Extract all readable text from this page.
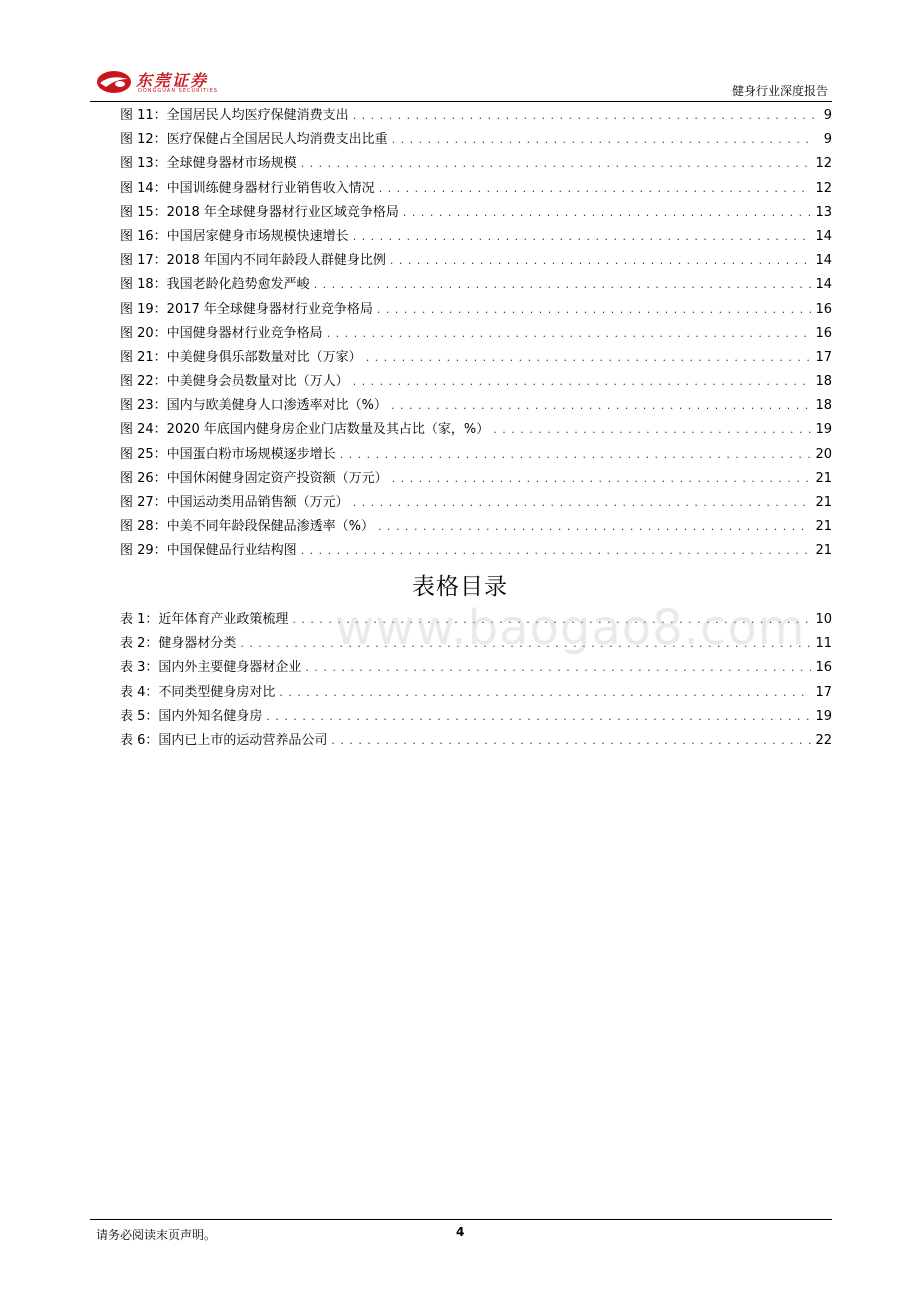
东莞证券
DONGGUAN SECURITIES	健身行业深度报告
图 11：全国居民人均医疗保健消费支出 . . .	9
图 12：医疗保健占全国居民人均消费支出比重 . . .	9
图 13：全球健身器材市场规模 . . .	12
图 14：中国训练健身器材行业销售收入情况 . . .	12
图 15：2018 年全球健身器材行业区域竞争格局 . . .	13
图 16：中国居家健身市场规模快速增长 . . .	14
图 17：2018 年国内不同年龄段人群健身比例 . . .	14
图 18：我国老龄化趋势愈发严峻 . . .	14
图 19：2017 年全球健身器材行业竞争格局 . . .	16
图 20：中国健身器材行业竞争格局 . . .	16
图 21：中美健身俱乐部数量对比（万家） . . .	17
图 22：中美健身会员数量对比（万人） . . .	18
图 23：国内与欧美健身人口渗透率对比（%） . . .	18
图 24：2020 年底国内健身房企业门店数量及其占比（家，%） . . .	19
图 25：中国蛋白粉市场规模逐步增长 . . .	20
图 26：中国休闲健身固定资产投资额（万元） . . .	21
图 27：中国运动类用品销售额（万元） . . .	21
图 28：中美不同年龄段保健品渗透率（%） . . .	21
图 29：中国保健品行业结构图 . . .	21
表格目录
表 1：近年体育产业政策梳理 . . .	10
表 2：健身器材分类 . . .	11
表 3：国内外主要健身器材企业 . . .	16
表 4：不同类型健身房对比 . . .	17
表 5：国内外知名健身房 . . .	19
表 6：国内已上市的运动营养品公司 . . .	22
www.baogao8.com
请务必阅读末页声明。	4
